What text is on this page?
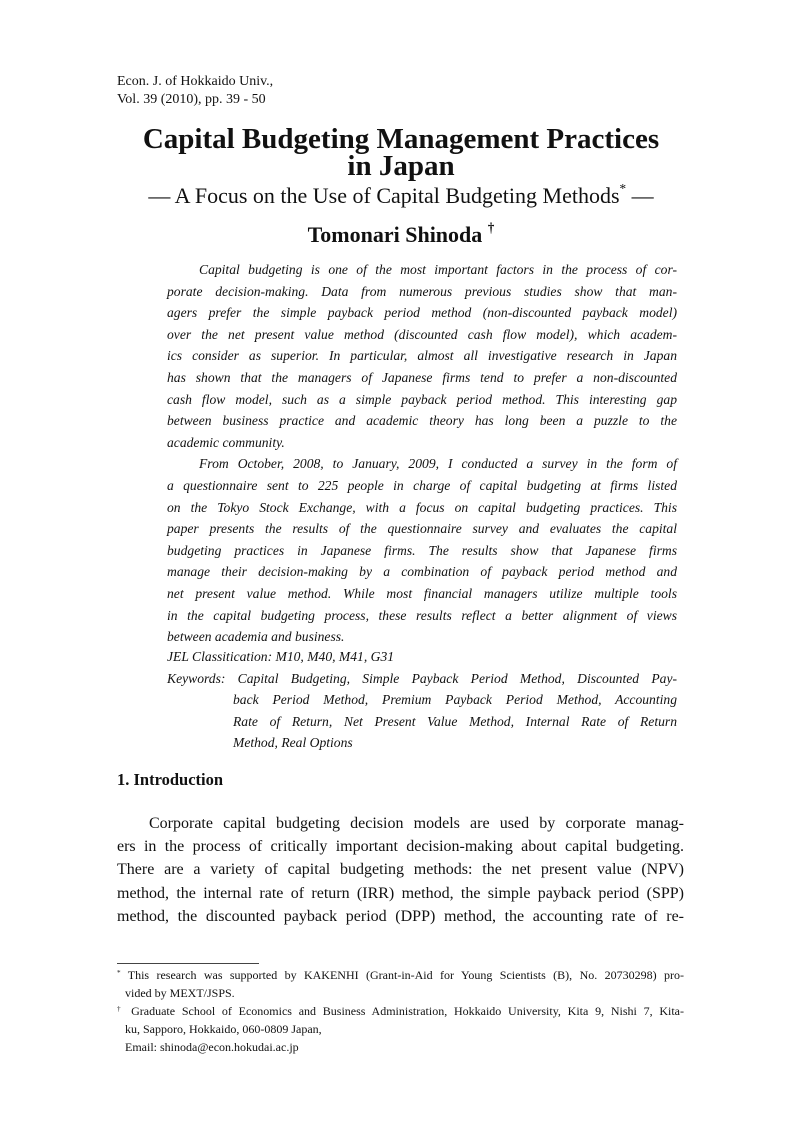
Econ. J. of Hokkaido Univ.,
Vol. 39 (2010), pp. 39 - 50
Capital Budgeting Management Practices
in Japan
— A Focus on the Use of Capital Budgeting Methods* —
Tomonari Shinoda †
Capital budgeting is one of the most important factors in the process of cor-
porate decision-making. Data from numerous previous studies show that man-
agers prefer the simple payback period method (non-discounted payback model)
over the net present value method (discounted cash flow model), which academ-
ics consider as superior. In particular, almost all investigative research in Japan
has shown that the managers of Japanese firms tend to prefer a non-discounted
cash flow model, such as a simple payback period method. This interesting gap
between business practice and academic theory has long been a puzzle to the
academic community.
From October, 2008, to January, 2009, I conducted a survey in the form of
a questionnaire sent to 225 people in charge of capital budgeting at firms listed
on the Tokyo Stock Exchange, with a focus on capital budgeting practices. This
paper presents the results of the questionnaire survey and evaluates the capital
budgeting practices in Japanese firms. The results show that Japanese firms
manage their decision-making by a combination of payback period method and
net present value method. While most financial managers utilize multiple tools
in the capital budgeting process, these results reflect a better alignment of views
between academia and business.
JEL Classitication: M10, M40, M41, G31
Keywords: Capital Budgeting, Simple Payback Period Method, Discounted Pay-
back Period Method, Premium Payback Period Method, Accounting
Rate of Return, Net Present Value Method, Internal Rate of Return
Method, Real Options
1. Introduction
Corporate capital budgeting decision models are used by corporate manag-
ers in the process of critically important decision-making about capital budgeting.
There are a variety of capital budgeting methods: the net present value (NPV)
method, the internal rate of return (IRR) method, the simple payback period (SPP)
method, the discounted payback period (DPP) method, the accounting rate of re-
* This research was supported by KAKENHI (Grant-in-Aid for Young Scientists (B), No. 20730298) pro-
vided by MEXT/JSPS.
† Graduate School of Economics and Business Administration, Hokkaido University, Kita 9, Nishi 7, Kita-
ku, Sapporo, Hokkaido, 060-0809 Japan,
Email: shinoda@econ.hokudai.ac.jp
